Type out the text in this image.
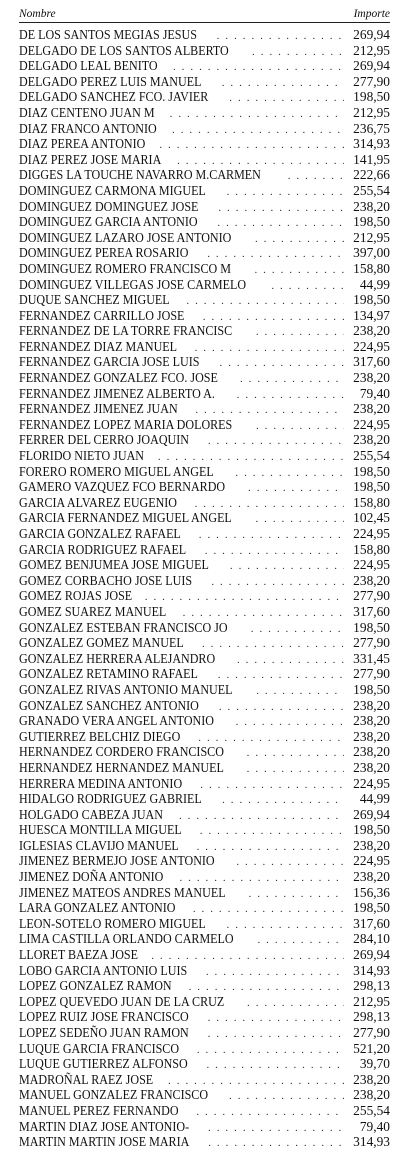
Nombre	Importe
DE LOS SANTOS MEGIAS JESUS . . .	269,94
DELGADO DE LOS SANTOS ALBERTO . . .	212,95
DELGADO LEAL BENITO . . .	269,94
DELGADO PEREZ LUIS MANUEL . . .	277,90
DELGADO SANCHEZ FCO. JAVIER . . .	198,50
DIAZ CENTENO JUAN M . . .	212,95
DIAZ FRANCO ANTONIO . . .	236,75
DIAZ PEREA ANTONIO . . .	314,93
DIAZ PEREZ JOSE MARIA . . .	141,95
DIGGES LA TOUCHE NAVARRO M.CARMEN . . .	222,66
DOMINGUEZ CARMONA MIGUEL . . .	255,54
DOMINGUEZ DOMINGUEZ JOSE . . .	238,20
DOMINGUEZ GARCIA ANTONIO . . .	198,50
DOMINGUEZ LAZARO JOSE ANTONIO . . .	212,95
DOMINGUEZ PEREA ROSARIO . . .	397,00
DOMINGUEZ ROMERO FRANCISCO M . . .	158,80
DOMINGUEZ VILLEGAS JOSE CARMELO . . .	44,99
DUQUE SANCHEZ MIGUEL . . .	198,50
FERNANDEZ CARRILLO JOSE . . .	134,97
FERNANDEZ DE LA TORRE FRANCISC . . .	238,20
FERNANDEZ DIAZ MANUEL . . .	224,95
FERNANDEZ GARCIA JOSE LUIS . . .	317,60
FERNANDEZ GONZALEZ FCO. JOSE . . .	238,20
FERNANDEZ JIMENEZ ALBERTO A. . . .	79,40
FERNANDEZ JIMENEZ JUAN . . .	238,20
FERNANDEZ LOPEZ MARIA DOLORES . . .	224,95
FERRER DEL CERRO JOAQUIN . . .	238,20
FLORIDO NIETO JUAN . . .	255,54
FORERO ROMERO MIGUEL ANGEL . . .	198,50
GAMERO VAZQUEZ FCO BERNARDO . . .	198,50
GARCIA ALVAREZ EUGENIO . . .	158,80
GARCIA FERNANDEZ MIGUEL ANGEL . . .	102,45
GARCIA GONZALEZ RAFAEL . . .	224,95
GARCIA RODRIGUEZ RAFAEL . . .	158,80
GOMEZ BENJUMEA JOSE MIGUEL . . .	224,95
GOMEZ CORBACHO JOSE LUIS . . .	238,20
GOMEZ ROJAS JOSE . . .	277,90
GOMEZ SUAREZ MANUEL . . .	317,60
GONZALEZ ESTEBAN FRANCISCO JO . . .	198,50
GONZALEZ GOMEZ MANUEL . . .	277,90
GONZALEZ HERRERA ALEJANDRO . . .	331,45
GONZALEZ RETAMINO RAFAEL . . .	277,90
GONZALEZ RIVAS ANTONIO MANUEL . . .	198,50
GONZALEZ SANCHEZ ANTONIO . . .	238,20
GRANADO VERA ANGEL ANTONIO . . .	238,20
GUTIERREZ BELCHIZ DIEGO . . .	238,20
HERNANDEZ CORDERO FRANCISCO . . .	238,20
HERNANDEZ HERNANDEZ MANUEL . . .	238,20
HERRERA MEDINA ANTONIO . . .	224,95
HIDALGO RODRIGUEZ GABRIEL . . .	44,99
HOLGADO CABEZA JUAN . . .	269,94
HUESCA MONTILLA MIGUEL . . .	198,50
IGLESIAS CLAVIJO MANUEL . . .	238,20
JIMENEZ BERMEJO JOSE ANTONIO . . .	224,95
JIMENEZ DOÑA ANTONIO . . .	238,20
JIMENEZ MATEOS ANDRES MANUEL . . .	156,36
LARA GONZALEZ ANTONIO . . .	198,50
LEON-SOTELO ROMERO MIGUEL . . .	317,60
LIMA CASTILLA ORLANDO CARMELO . . .	284,10
LLORET BAEZA JOSE . . .	269,94
LOBO GARCIA ANTONIO LUIS . . .	314,93
LOPEZ GONZALEZ RAMON . . .	298,13
LOPEZ QUEVEDO JUAN DE LA CRUZ . . .	212,95
LOPEZ RUIZ JOSE FRANCISCO . . .	298,13
LOPEZ SEDEÑO JUAN RAMON . . .	277,90
LUQUE GARCIA FRANCISCO . . .	521,20
LUQUE GUTIERREZ ALFONSO . . .	39,70
MADROÑAL RAEZ JOSE . . .	238,20
MANUEL GONZALEZ FRANCISCO . . .	238,20
MANUEL PEREZ FERNANDO . . .	255,54
MARTIN DIAZ JOSE ANTONIO- . . .	79,40
MARTIN MARTIN JOSE MARIA . . .	314,93
